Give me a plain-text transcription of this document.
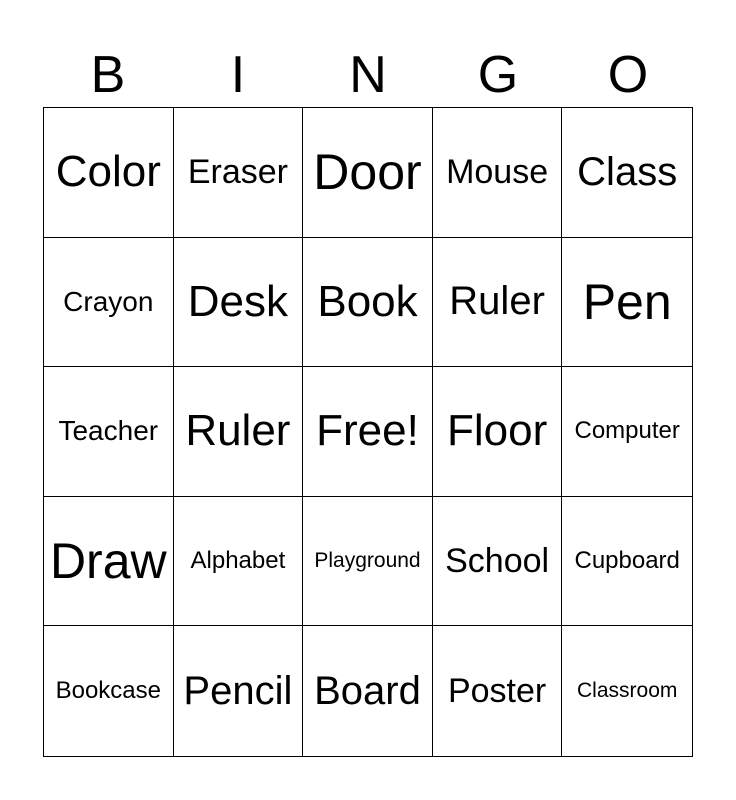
B	I	N	G	O
Color Eraser Door Mouse Class
Crayon Desk Book Ruler Pen
Teacher Ruler Free! Floor	Computer
Draw Alphabet	Playground School	Cupboard
Bookcase Pencil Board Poster	Classroom
